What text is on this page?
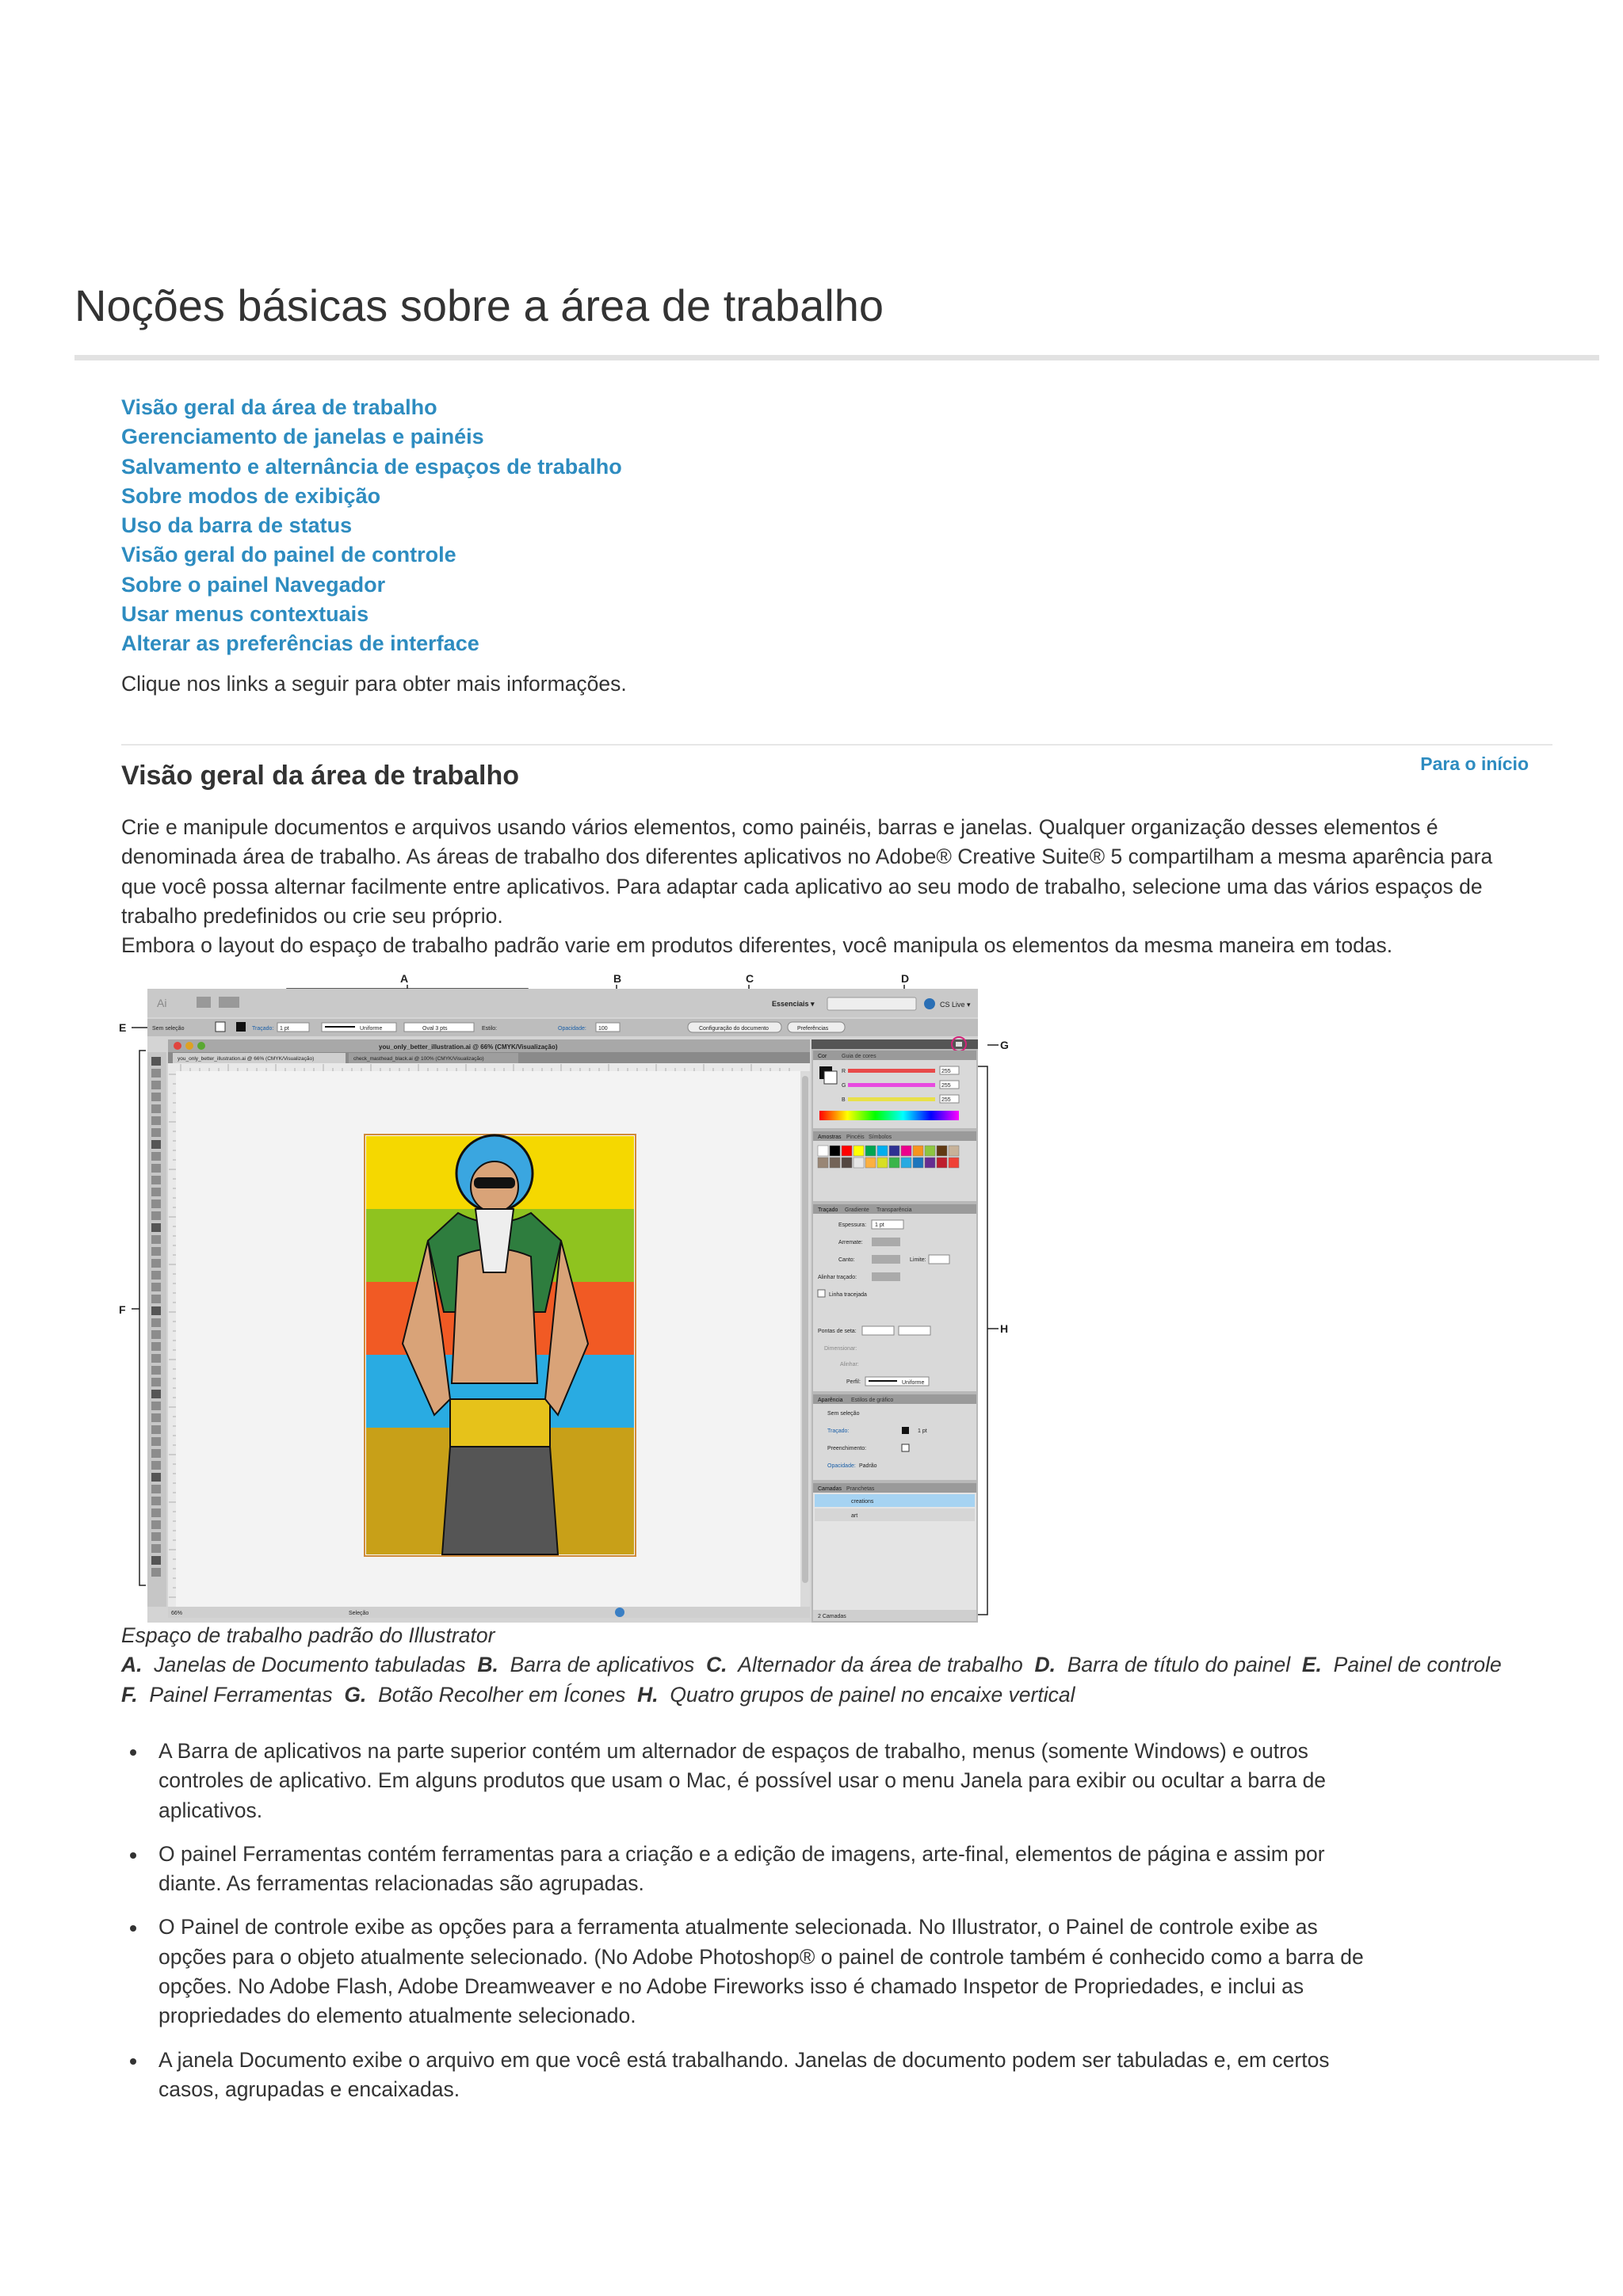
Noções básicas sobre a área de trabalho
Visão geral da área de trabalho
Gerenciamento de janelas e painéis
Salvamento e alternância de espaços de trabalho
Sobre modos de exibição
Uso da barra de status
Visão geral do painel de controle
Sobre o painel Navegador
Usar menus contextuais
Alterar as preferências de interface

Clique nos links a seguir para obter mais informações.

Para o início
Visão geral da área de trabalho

Crie e manipule documentos e arquivos usando vários elementos, como painéis, barras e janelas. Qualquer organização desses elementos é denominada área de trabalho. As áreas de trabalho dos diferentes aplicativos no Adobe® Creative Suite® 5 compartilham a mesma aparência para que você possa alternar facilmente entre aplicativos. Para adaptar cada aplicativo ao seu modo de trabalho, selecione uma das vários espaços de trabalho predefinidos ou crie seu próprio.

Embora o layout do espaço de trabalho padrão varie em produtos diferentes, você manipula os elementos da mesma maneira em todas.

A	B	C	D
E
F
G
H
Ai	Essenciais ▾	CS Live ▾
Sem seleção	Traçado: 1 pt	Uniforme	Oval 3 pts	Estilo:	Opacidade: 100	Configuração do documento	Preferências
you_only_better_illustration.ai @ 66% (CMYK/Visualização)
you_only_better_illustration.ai @ 66% (CMYK/Visualização)	check_masthead_black.ai @ 100% (CMYK/Visualização)
66%	Seleção
Cor	Guia de cores
R	255
G	255
B	255
Amostras Pincéis Símbolos
Traçado Gradiente Transparência
Espessura: 1 pt
Arremate:
Canto:	Limite:
Alinhar traçado:
Linha tracejada
Pontas de seta:
Dimensionar:
Alinhar:
Perfil:	Uniforme
Aparência Estilos de gráfico
Sem seleção
Traçado:	1 pt
Preenchimento:
Opacidade: Padrão
Camadas Pranchetas
creations
art
2 Camadas

Espaço de trabalho padrão do Illustrator
A. Janelas de Documento tabuladas B. Barra de aplicativos C. Alternador da área de trabalho D. Barra de título do painel E. Painel de controle  F. Painel Ferramentas G. Botão Recolher em Ícones H. Quatro grupos de painel no encaixe vertical

A Barra de aplicativos na parte superior contém um alternador de espaços de trabalho, menus (somente Windows) e outros controles de aplicativo. Em alguns produtos que usam o Mac, é possível usar o menu Janela para exibir ou ocultar a barra de aplicativos.
O painel Ferramentas contém ferramentas para a criação e a edição de imagens, arte-final, elementos de página e assim por diante. As ferramentas relacionadas são agrupadas.
O Painel de controle exibe as opções para a ferramenta atualmente selecionada. No Illustrator, o Painel de controle exibe as opções para o objeto atualmente selecionado. (No Adobe Photoshop® o painel de controle também é conhecido como a barra de opções. No Adobe Flash, Adobe Dreamweaver e no Adobe Fireworks isso é chamado Inspetor de Propriedades, e inclui as propriedades do elemento atualmente selecionado.
A janela Documento exibe o arquivo em que você está trabalhando. Janelas de documento podem ser tabuladas e, em certos casos, agrupadas e encaixadas.
